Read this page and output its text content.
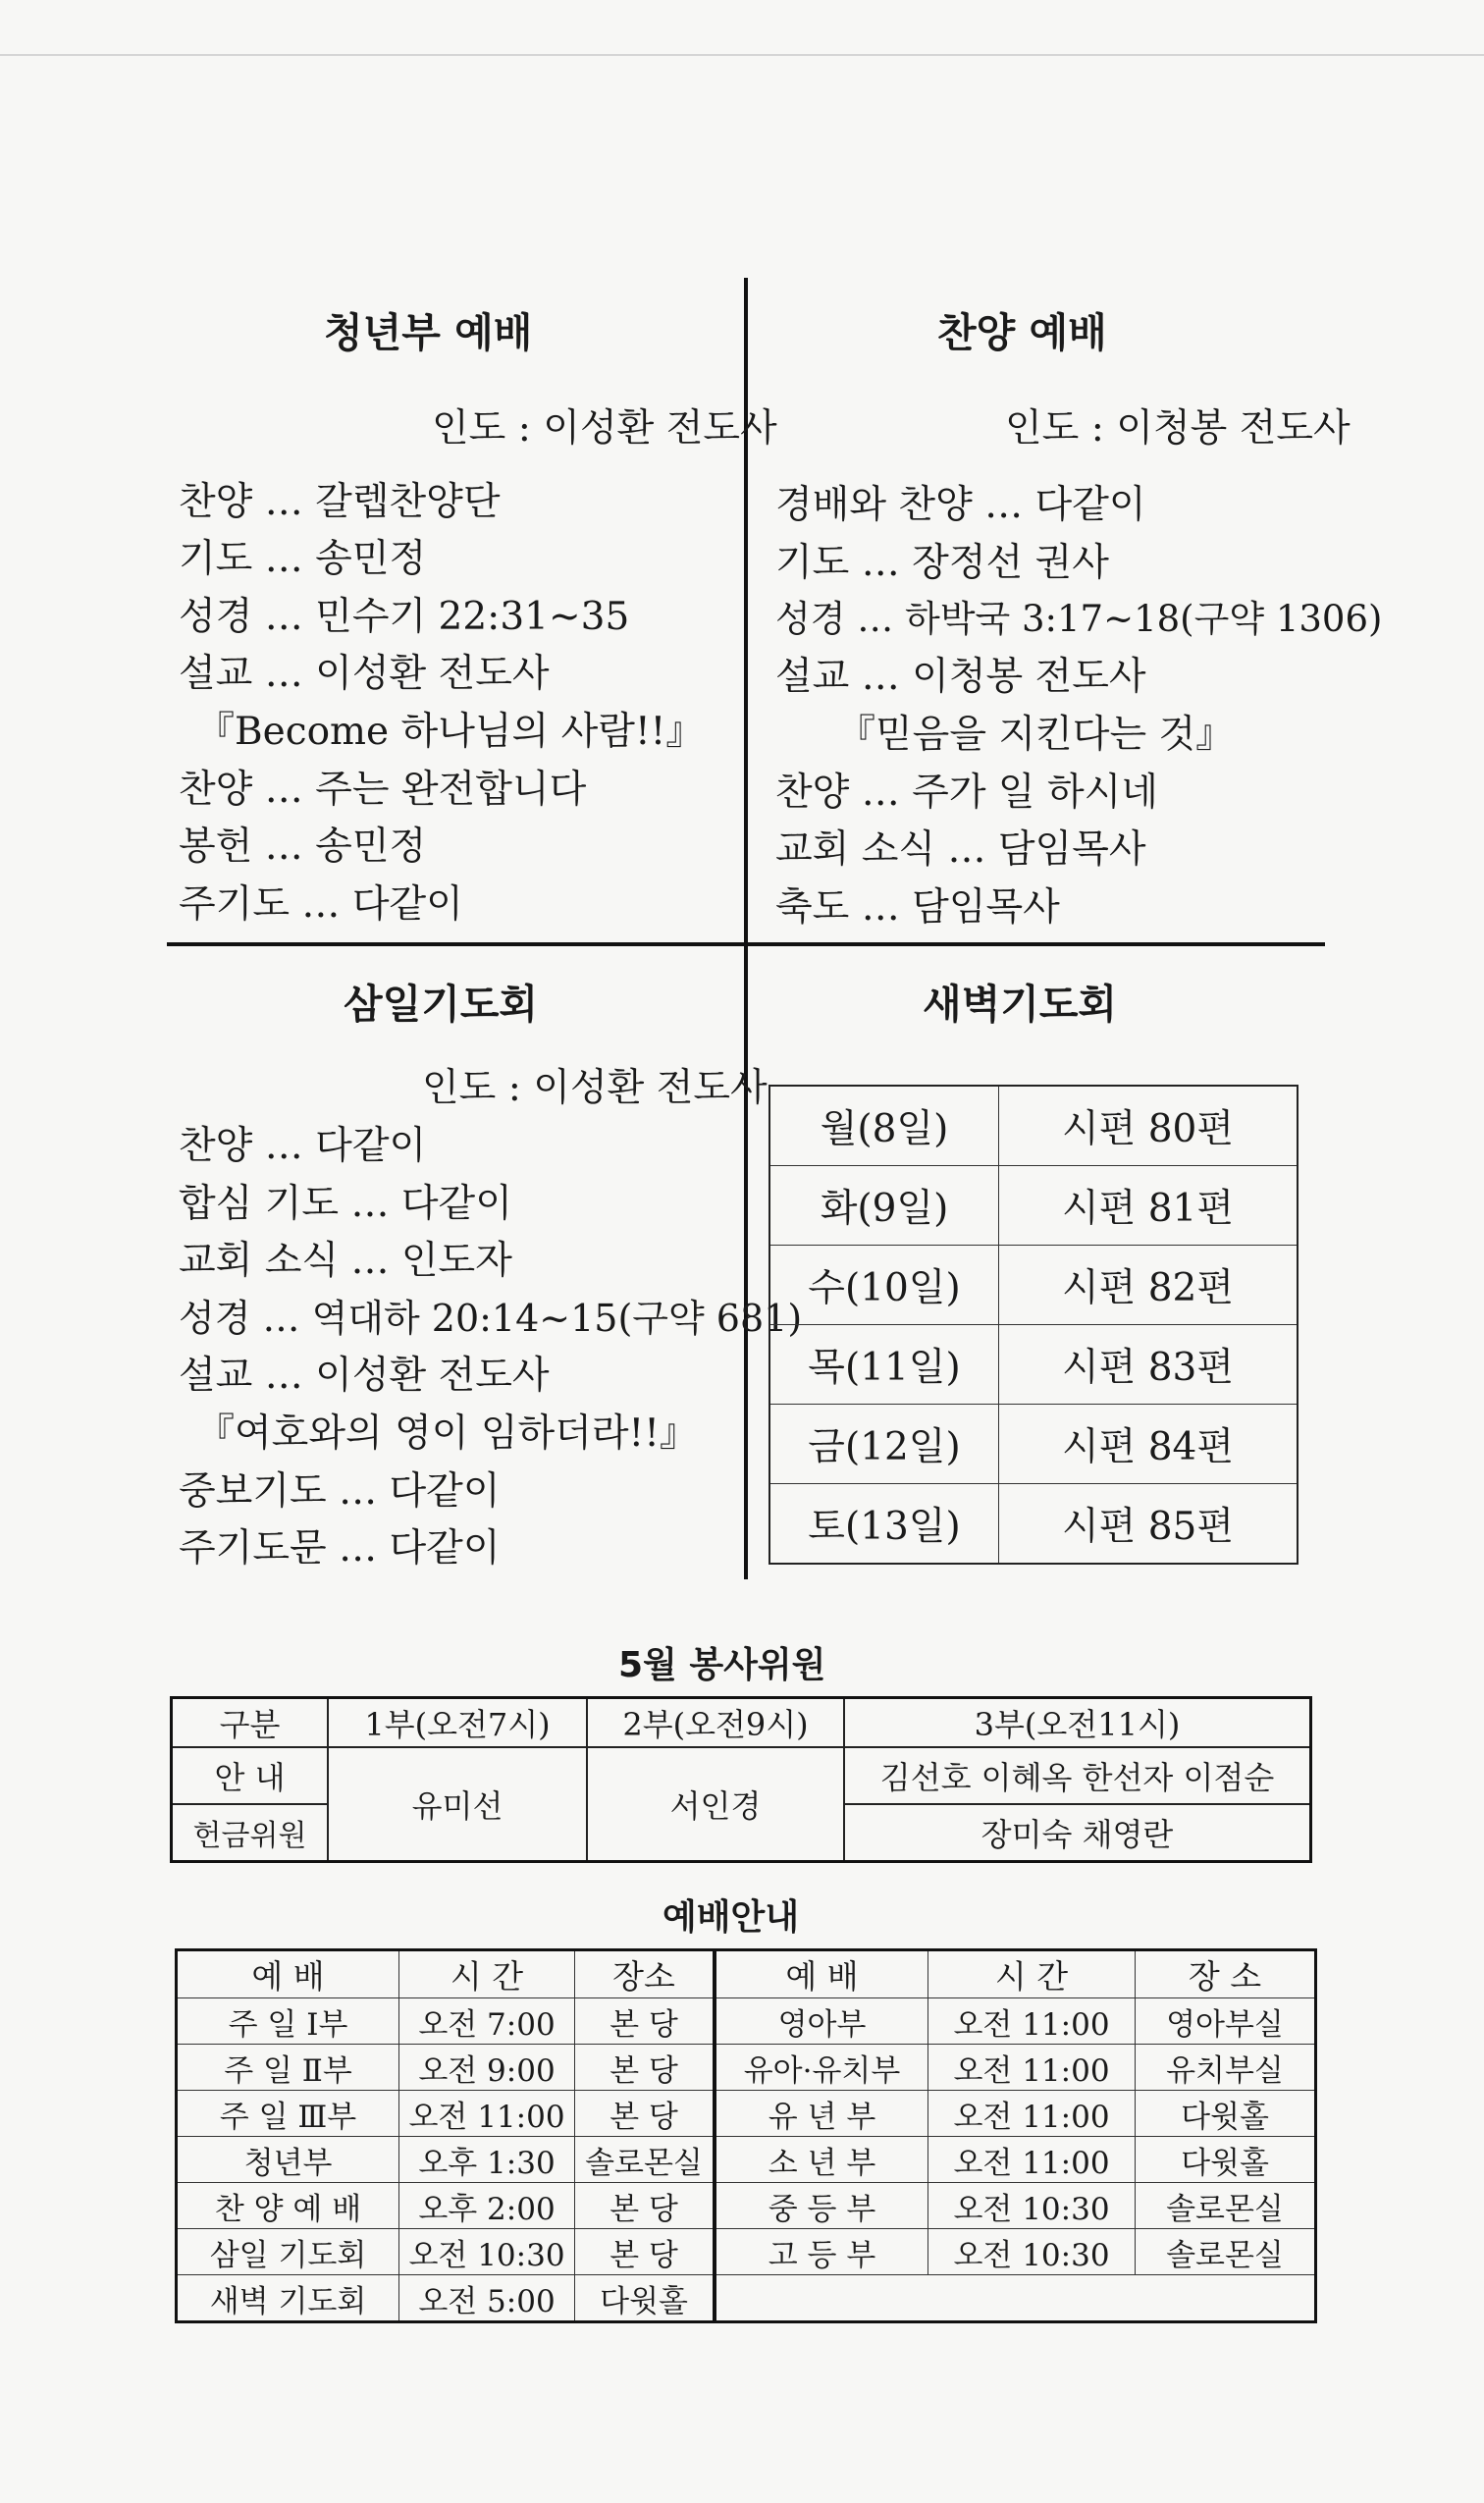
청년부 예배
인도 : 이성환 전도사
찬양 … 갈렙찬양단
기도 … 송민정
성경 … 민수기 22:31~35
설교 … 이성환 전도사
『Become 하나님의 사람!!』
찬양 … 주는 완전합니다
봉헌 … 송민정
주기도 … 다같이
찬양 예배
인도 : 이청봉 전도사
경배와 찬양 … 다같이
기도 … 장정선 권사
성경 … 하박국 3:17~18(구약 1306)
설교 … 이청봉 전도사
『믿음을 지킨다는 것』
찬양 … 주가 일 하시네
교회 소식 … 담임목사
축도 … 담임목사
삼일기도회
인도 : 이성환 전도사
찬양 … 다같이
합심 기도 … 다같이
교회 소식 … 인도자
성경 … 역대하 20:14~15(구약 681)
설교 … 이성환 전도사
『여호와의 영이 임하더라!!』
중보기도 … 다같이
주기도문 … 다같이
새벽기도회
월(8일)	시편 80편
화(9일)	시편 81편
수(10일)	시편 82편
목(11일)	시편 83편
금(12일)	시편 84편
토(13일)	시편 85편
5월 봉사위원
구분	1부(오전7시)	2부(오전9시)	3부(오전11시)
안 내	유미선	서인경	김선호 이혜옥 한선자 이점순
헌금위원			장미숙 채영란
예배안내
예 배	시 간	장소	예 배	시 간	장 소
주 일 Ⅰ부	오전 7:00	본 당	영아부	오전 11:00	영아부실
주 일 Ⅱ부	오전 9:00	본 당	유아·유치부	오전 11:00	유치부실
주 일 Ⅲ부	오전 11:00	본 당	유 년 부	오전 11:00	다윗홀
청년부	오후 1:30	솔로몬실	소 년 부	오전 11:00	다윗홀
찬 양 예 배	오후 2:00	본 당	중 등 부	오전 10:30	솔로몬실
삼일 기도회	오전 10:30	본 당	고 등 부	오전 10:30	솔로몬실
새벽 기도회	오전 5:00	다윗홀			
